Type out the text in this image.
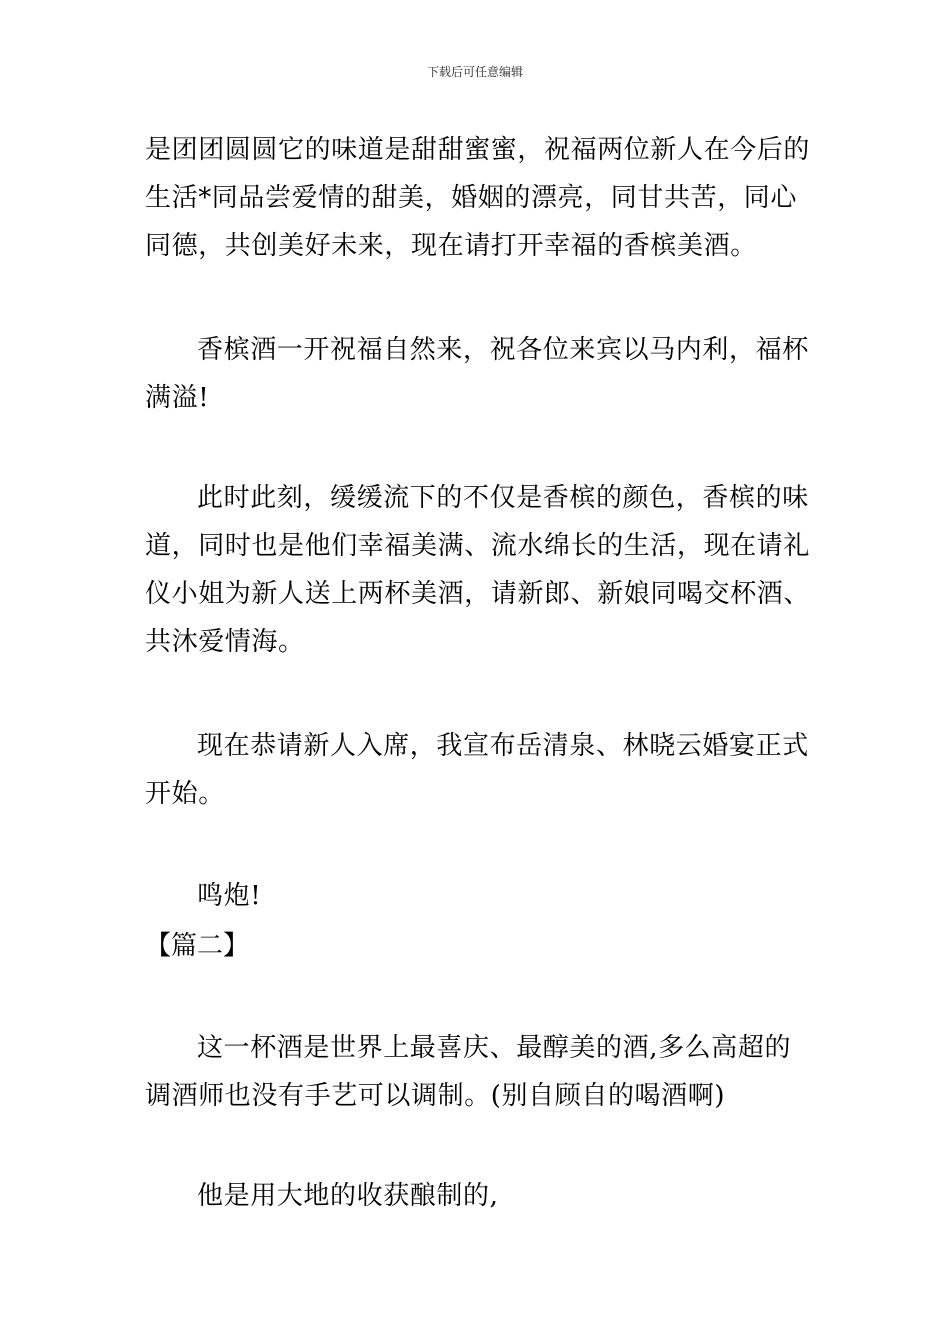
下载后可任意编辑

是团团圆圆它的味道是甜甜蜜蜜，祝福两位新人在今后的生活*同品尝爱情的甜美，婚姻的漂亮，同甘共苦，同心同德，共创美好未来，现在请打开幸福的香槟美酒。

香槟酒一开祝福自然来，祝各位来宾以马内利，福杯满溢!

此时此刻，缓缓流下的不仅是香槟的颜色，香槟的味道，同时也是他们幸福美满、流水绵长的生活，现在请礼仪小姐为新人送上两杯美酒，请新郎、新娘同喝交杯酒、共沐爱情海。

现在恭请新人入席，我宣布岳清泉、林晓云婚宴正式开始。

鸣炮!

【篇二】

这一杯酒是世界上最喜庆、最醇美的酒,多么高超的调酒师也没有手艺可以调制。(别自顾自的喝酒啊)

他是用大地的收获酿制的,
